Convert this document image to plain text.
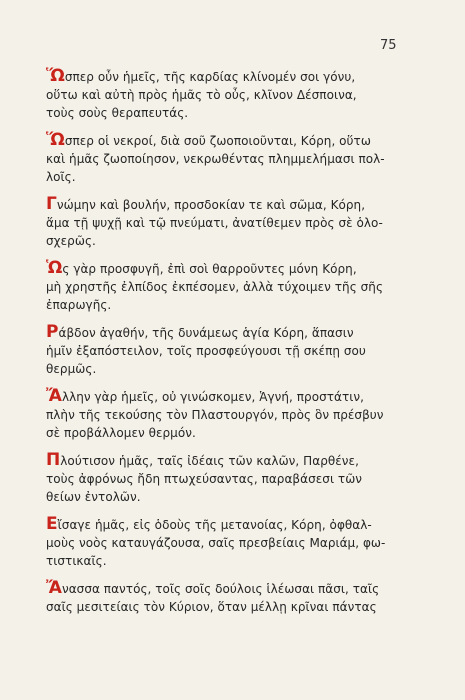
75
Ὥσπερ οὖν ἡμεῖς, τῆς καρδίας κλίνομέν σοι γόνυ,
οὕτω καὶ αὐτὴ πρὸς ἡμᾶς τὸ οὖς, κλῖνον Δέσποινα,
τοὺς σοὺς θεραπευτάς.
Ὥσπερ οἱ νεκροί, διὰ σοῦ ζωοποιοῦνται, Κόρη, οὕτω
καὶ ἡμᾶς ζωοποίησον, νεκρωθέντας πλημμελήμασι πολ-
λοῖς.
Γνώμην καὶ βουλήν, προσδοκίαν τε καὶ σῶμα, Κόρη,
ἅμα τῇ ψυχῇ καὶ τῷ πνεύματι, ἀνατίθεμεν πρὸς σὲ ὁλο-
σχερῶς.
Ὡς γὰρ προσφυγῆ, ἐπὶ σοὶ θαρροῦντες μόνη Κόρη,
μὴ χρηστῆς ἐλπίδος ἐκπέσομεν, ἀλλὰ τύχοιμεν τῆς σῆς
ἐπαρωγῆς.
Ράβδον ἀγαθήν, τῆς δυνάμεως ἁγία Κόρη, ἅπασιν
ἡμῖν ἐξαπόστειλον, τοῖς προσφεύγουσι τῇ σκέπῃ σου
θερμῶς.
Ἄλλην γὰρ ἡμεῖς, οὐ γινώσκομεν, Ἁγνή, προστάτιν,
πλὴν τῆς τεκούσης τὸν Πλαστουργόν, πρὸς ὃν πρέσβυν
σὲ προβάλλομεν θερμόν.
Πλούτισον ἡμᾶς, ταῖς ἰδέαις τῶν καλῶν, Παρθένε,
τοὺς ἀφρόνως ἤδη πτωχεύσαντας, παραβάσεσι τῶν
θείων ἐντολῶν.
Εἴσαγε ἡμᾶς, εἰς ὁδοὺς τῆς μετανοίας, Κόρη, ὀφθαλ-
μοὺς νοὸς καταυγάζουσα, σαῖς πρεσβείαις Μαριάμ, φω-
τιστικαῖς.
Ἄνασσα παντός, τοῖς σοῖς δούλοις ἱλέωσαι πᾶσι, ταῖς
σαῖς μεσιτείαις τὸν Κύριον, ὅταν μέλλῃ κρῖναι πάντας
